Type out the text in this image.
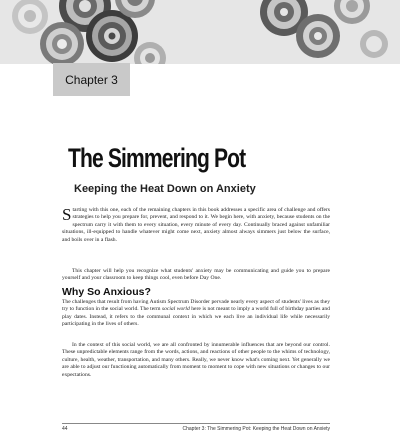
Chapter 3
The Simmering Pot
Keeping the Heat Down on Anxiety

Starting with this one, each of the remaining chapters in this book addresses a specific area of challenge and offers strategies to help you prepare for, prevent, and respond to it. We begin here, with anxiety, because students on the spectrum carry it with them to every situation, every minute of every day. Continually braced against unfamiliar situations, ill-equipped to handle whatever might come next, anxiety almost always simmers just below the surface, and boils over in a flash.

This chapter will help you recognize what students' anxiety may be communicating and guide you to prepare yourself and your classroom to keep things cool, even before Day One.

Why So Anxious?

The challenges that result from having Autism Spectrum Disorder pervade nearly every aspect of students' lives as they try to function in the social world. The term social world here is not meant to imply a world full of birthday parties and play dates. Instead, it refers to the communal context in which we each live an individual life while necessarily participating in the lives of others.

In the context of this social world, we are all confronted by innumerable influences that are beyond our control. These unpredictable elements range from the words, actions, and reactions of other people to the whims of technology, culture, health, weather, transportation, and many others. Really, we never know what's coming next. Yet generally we are able to adjust our functioning automatically from moment to moment to cope with new situations or changes to our expectations.

44	Chapter 3: The Simmering Pot: Keeping the Heat Down on Anxiety
